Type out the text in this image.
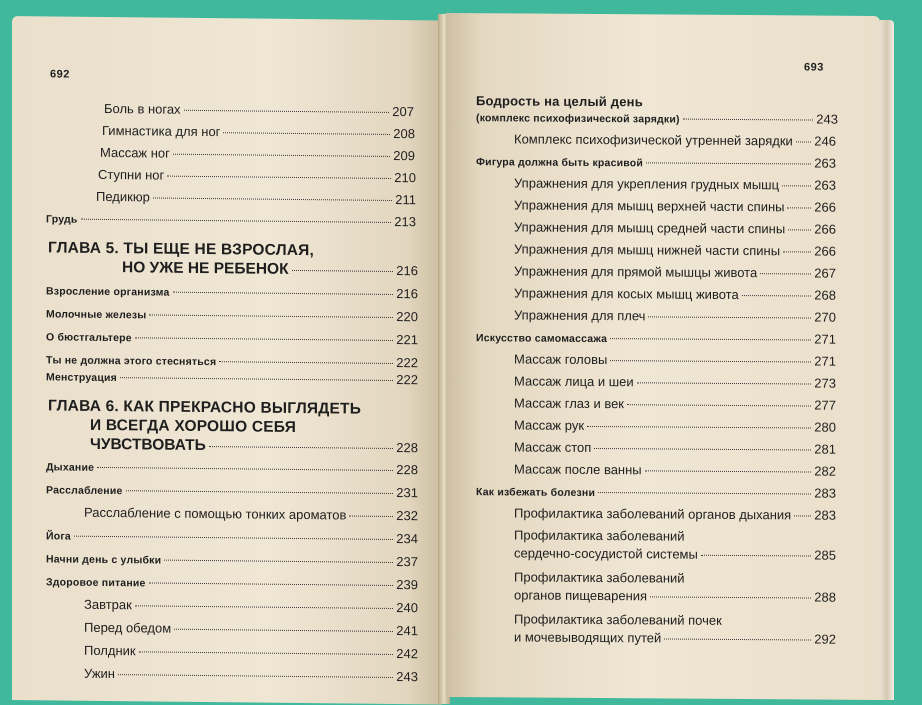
692
Боль в ногах	207
Гимнастика для ног	208
Массаж ног	209
Ступни ног	210
Педикюр	211
Грудь	213
ГЛАВА 5. ТЫ ЕЩЕ НЕ ВЗРОСЛАЯ,
НО УЖЕ НЕ РЕБЕНОК	216
Взросление организма	216
Молочные железы	220
О бюстгальтере	221
Ты не должна этого стесняться	222
Менструация	222
ГЛАВА 6. КАК ПРЕКРАСНО ВЫГЛЯДЕТЬ
И ВСЕГДА ХОРОШО СЕБЯ
ЧУВСТВОВАТЬ	228
Дыхание	228
Расслабление	231
Расслабление с помощью тонких ароматов	232
Йога	234
Начни день с улыбки	237
Здоровое питание	239
Завтрак	240
Перед обедом	241
Полдник	242
Ужин	243
693
Бодрость на целый день
(комплекс психофизической зарядки)	243
Комплекс психофизической утренней зарядки 246
Фигура должна быть красивой	263
Упражнения для укрепления грудных мышц	263
Упражнения для мышц верхней части спины 266
Упражнения для мышц средней части спины 266
Упражнения для мышц нижней части спины	266
Упражнения для прямой мышцы живота	267
Упражнения для косых мышц живота	268
Упражнения для плеч	270
Искусство самомассажа	271
Массаж головы	271
Массаж лица и шеи	273
Массаж глаз и век	277
Массаж рук	280
Массаж стоп	281
Массаж после ванны	282
Как избежать болезни	283
Профилактика заболеваний органов дыхания 283
Профилактика заболеваний
сердечно-сосудистой системы	285
Профилактика заболеваний
органов пищеварения	288
Профилактика заболеваний почек
и мочевыводящих путей	292
